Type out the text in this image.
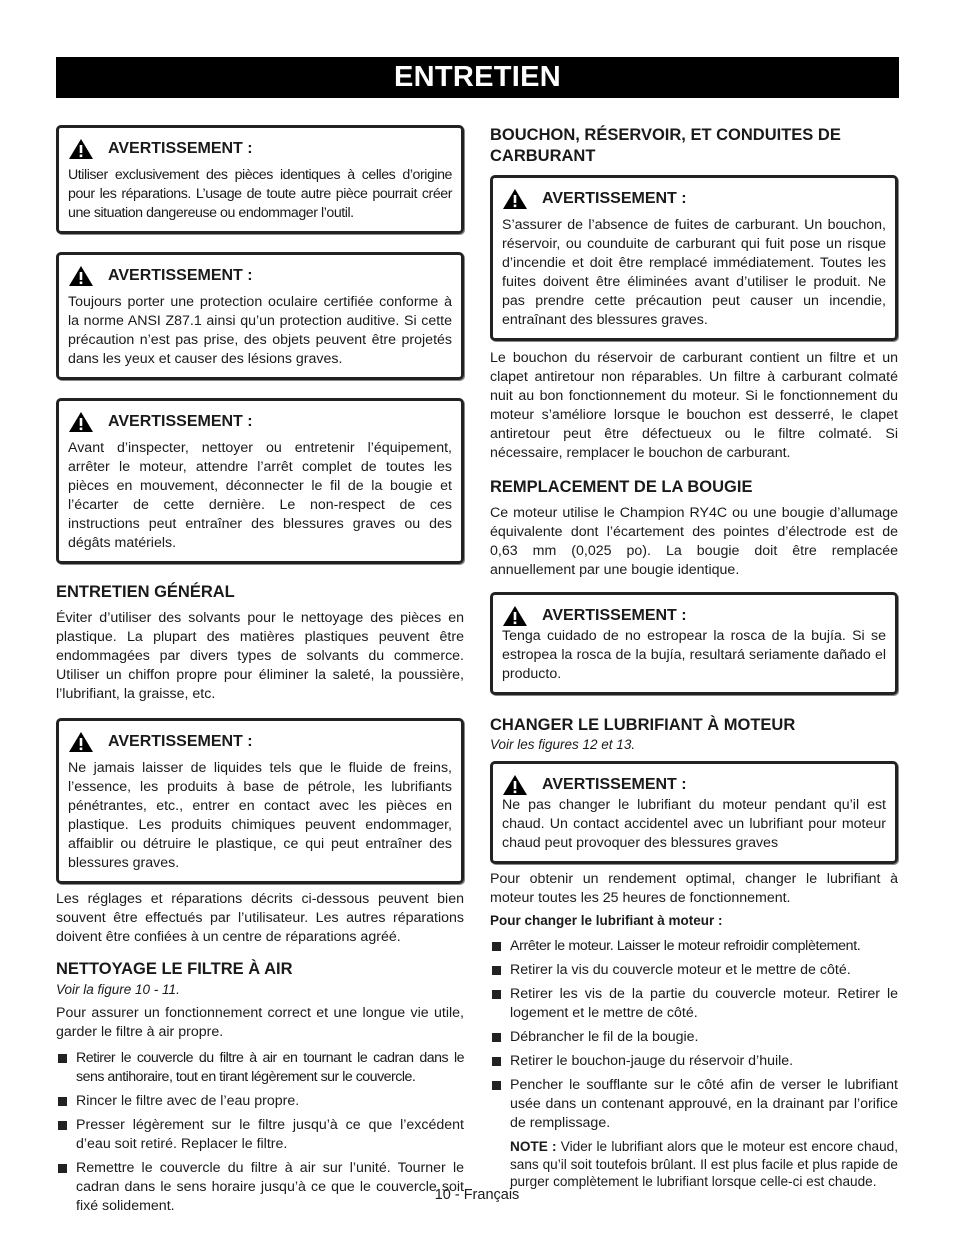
ENTRETIEN
AVERTISSEMENT :
Utiliser exclusivement des pièces identiques à celles d’origine pour les réparations. L’usage de toute autre pièce pourrait créer une situation dangereuse ou endommager l’outil.
AVERTISSEMENT :
Toujours porter une protection oculaire certifiée conforme à la norme ANSI Z87.1 ainsi qu’un protection auditive. Si cette précaution n’est pas prise, des objets peuvent être projetés dans les yeux et causer des lésions graves.
AVERTISSEMENT :
Avant d’inspecter, nettoyer ou entretenir l’équipement, arrêter le moteur, attendre l’arrêt complet de toutes les pièces en mouvement, déconnecter le fil de la bougie et l’écarter de cette dernière. Le non-respect de ces instructions peut entraîner des blessures graves ou des dégâts matériels.
ENTRETIEN GÉNÉRAL
Éviter d’utiliser des solvants pour le nettoyage des pièces en plastique. La plupart des matières plastiques peuvent être endommagées par divers types de solvants du commerce. Utiliser un chiffon propre pour éliminer la saleté, la poussière, l’lubrifiant, la graisse, etc.
AVERTISSEMENT :
Ne jamais laisser de liquides tels que le fluide de freins, l’essence, les produits à base de pétrole, les lubrifiants pénétrantes, etc., entrer en contact avec les pièces en plastique. Les produits chimiques peuvent endommager, affaiblir ou détruire le plastique, ce qui peut entraîner des blessures graves.
Les réglages et réparations décrits ci-dessous peuvent bien souvent être effectués par l’utilisateur. Les autres réparations doivent être confiées à un centre de réparations agréé.
NETTOYAGE LE FILTRE À AIR
Voir la figure 10 - 11.
Pour assurer un fonctionnement correct et une longue vie utile, garder le filtre à air propre.
Retirer le couvercle du filtre à air en tournant le cadran dans le sens antihoraire, tout en tirant légèrement sur le couvercle.
Rincer le filtre avec de l’eau propre.
Presser légèrement sur le filtre jusqu’à ce que l’excédent d’eau soit retiré. Replacer le filtre.
Remettre le couvercle du filtre à air sur l’unité. Tourner le cadran dans le sens horaire jusqu’à ce que le couvercle soit fixé solidement.
BOUCHON, RÉSERVOIR, ET CONDUITES DE CARBURANT
AVERTISSEMENT :
S’assurer de l’absence de fuites de carburant. Un bouchon, réservoir, ou counduite de carburant qui fuit pose un risque d’incendie et doit être remplacé immédiatement. Toutes les fuites doivent être éliminées avant d’utiliser le produit. Ne pas prendre cette précaution peut causer un incendie, entraînant des blessures graves.
Le bouchon du réservoir de carburant contient un filtre et un clapet antiretour non réparables. Un filtre à carburant colmaté nuit au bon fonctionnement du moteur. Si le fonctionnement du moteur s’améliore lorsque le bouchon est desserré, le clapet antiretour peut être défectueux ou le filtre colmaté. Si nécessaire, remplacer le bouchon de carburant.
REMPLACEMENT DE LA BOUGIE
Ce moteur utilise le Champion RY4C ou une bougie d’allumage équivalente dont l’écartement des pointes d’électrode est de 0,63 mm (0,025 po). La bougie doit être remplacée annuellement par une bougie identique.
AVERTISSEMENT :
Tenga cuidado de no estropear la rosca de la bujía. Si se estropea la rosca de la bujía, resultará seriamente dañado el producto.
CHANGER LE LUBRIFIANT À MOTEUR
Voir les figures 12 et 13.
AVERTISSEMENT :
Ne pas changer le lubrifiant du moteur pendant qu’il est chaud. Un contact accidentel avec un lubrifiant pour moteur chaud peut provoquer des blessures graves
Pour obtenir un rendement optimal, changer le lubrifiant à moteur toutes les 25 heures de fonctionnement.
Pour changer le lubrifiant à moteur :
Arrêter le moteur. Laisser le moteur refroidir complètement.
Retirer la vis du couvercle moteur et le mettre de côté.
Retirer les vis de la partie du couvercle moteur. Retirer le logement et le mettre de côté.
Débrancher le fil de la bougie.
Retirer le bouchon-jauge du réservoir d’huile.
Pencher le soufflante sur le côté afin de verser le lubrifiant usée dans un contenant approuvé, en la drainant par l’orifice de remplissage.
NOTE : Vider le lubrifiant alors que le moteur est encore chaud, sans qu’il soit toutefois brûlant. Il est plus facile et plus rapide de purger complètement le lubrifiant lorsque celle-ci est chaude.
10 - Français
